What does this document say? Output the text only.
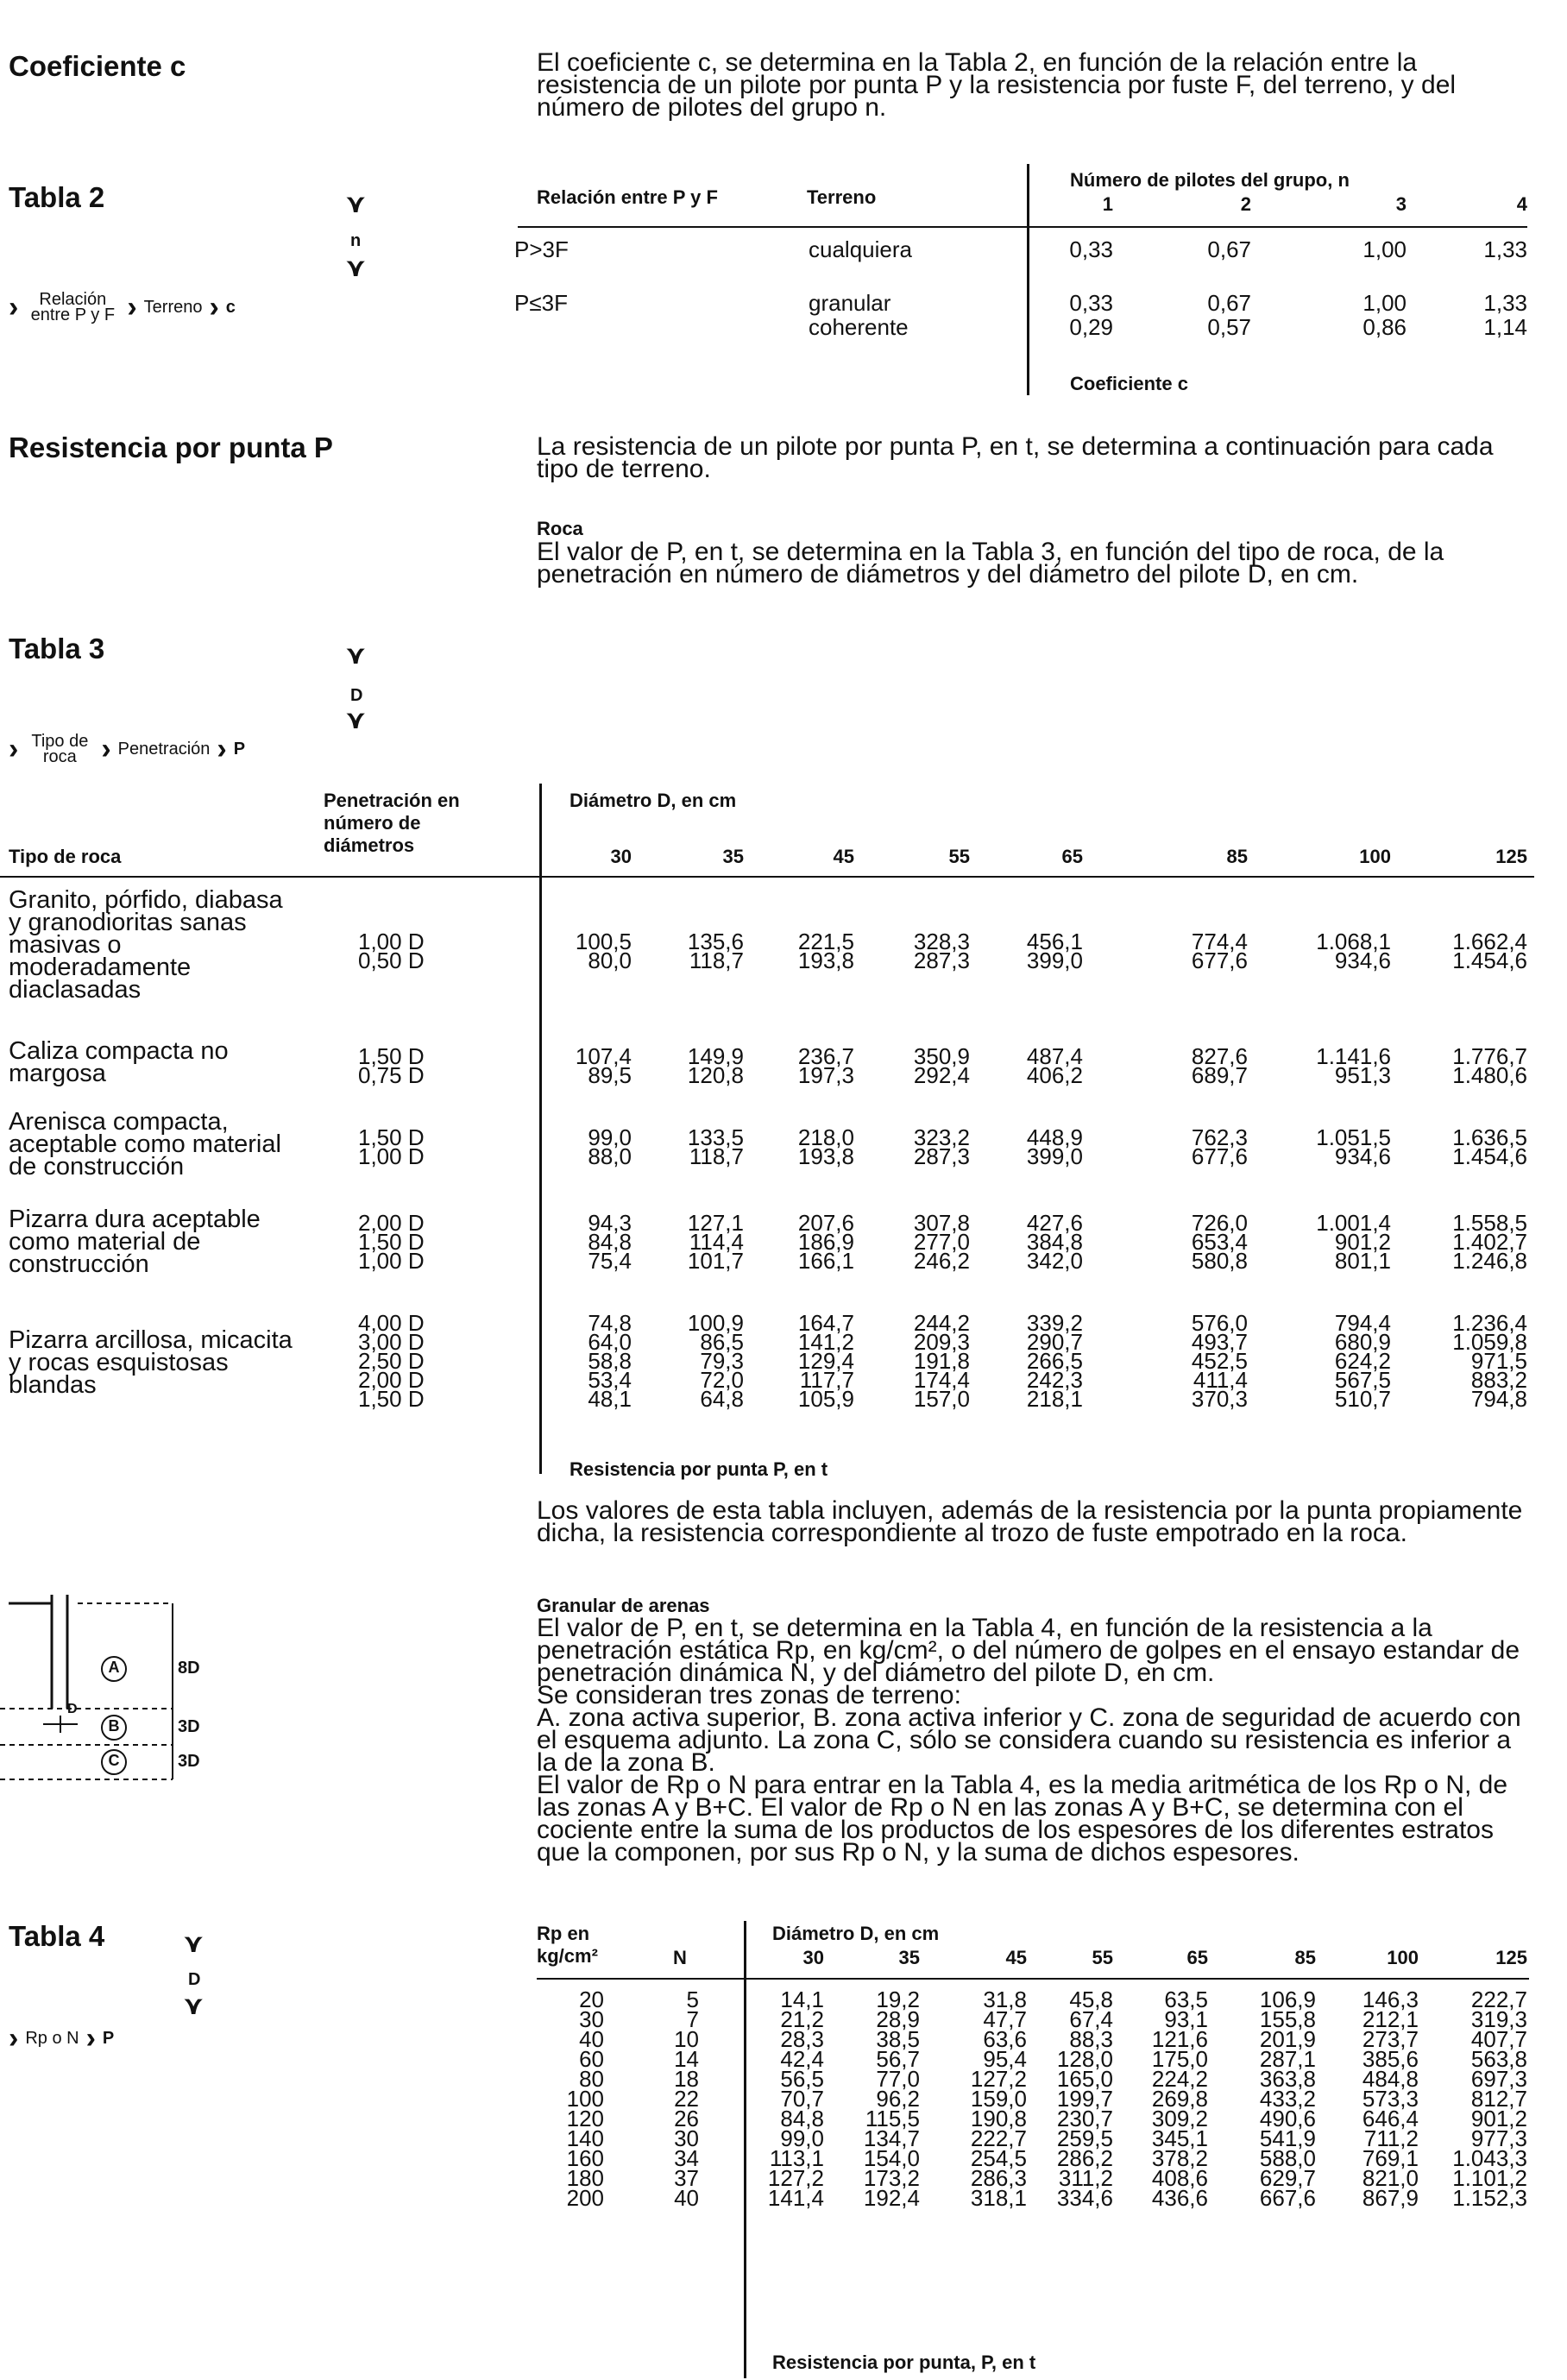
Coeficiente c	El coeficiente c, se determina en la Tabla 2, en función de la relación entre la resistencia de un pilote por punta P y la resistencia por fuste F, del terreno, y del número de pilotes del grupo n.
Tabla 2	⋎
n
⋎
›	Relación entre P y F › Terreno › c
Relación entre P y F	Terreno
Número de pilotes del grupo, n
1	2	3	4
P>3F	cualquiera	0,33	0,67	1,00	1,33
P≤3F	granular	0,33	0,67	1,00	1,33
coherente	0,29	0,57	0,86	1,14
Coeficiente c
Resistencia por punta P	La resistencia de un pilote por punta P, en t, se determina a continuación para cada tipo de terreno.
Roca
El valor de P, en t, se determina en la Tabla 3, en función del tipo de roca, de la penetración en número de diámetros y del diámetro del pilote D, en cm.
Tabla 3	⋎
D
⋎
› Tipo de roca › Penetración › P
Tipo de roca
Penetración en número de diámetros
Diámetro D, en cm
30	35	45	55	65	85	100	125
Granito, pórfido, diabasa y granodioritas sanas masivas o moderadamente diaclasadas
1,00 D	100,5	135,6	221,5	328,3	456,1	774,4	1.068,1	1.662,4
0,50 D	80,0	118,7	193,8	287,3	399,0	677,6	934,6	1.454,6
Caliza compacta no margosa
1,50 D	107,4	149,9	236,7	350,9	487,4	827,6	1.141,6	1.776,7
0,75 D	89,5	120,8	197,3	292,4	406,2	689,7	951,3	1.480,6
Arenisca compacta, aceptable como material de construcción
1,50 D	99,0	133,5	218,0	323,2	448,9	762,3	1.051,5	1.636,5
1,00 D	88,0	118,7	193,8	287,3	399,0	677,6	934,6	1.454,6
Pizarra dura aceptable como material de construcción
2,00 D	94,3	127,1	207,6	307,8	427,6	726,0	1.001,4	1.558,5
1,50 D	84,8	114,4	186,9	277,0	384,8	653,4	901,2	1.402,7
1,00 D	75,4	101,7	166,1	246,2	342,0	580,8	801,1	1.246,8
Pizarra arcillosa, micacita y rocas esquistosas blandas
4,00 D	74,8	100,9	164,7	244,2	339,2	576,0	794,4	1.236,4
3,00 D	64,0	86,5	141,2	209,3	290,7	493,7	680,9	1.059,8
2,50 D	58,8	79,3	129,4	191,8	266,5	452,5	624,2	971,5
2,00 D	53,4	72,0	117,7	174,4	242,3	411,4	567,5	883,2
1,50 D	48,1	64,8	105,9	157,0	218,1	370,3	510,7	794,8
Resistencia por punta P, en t
Los valores de esta tabla incluyen, además de la resistencia por la punta propiamente dicha, la resistencia correspondiente al trozo de fuste empotrado en la roca.
Granular de arenas

El valor de P, en t, se determina en la Tabla 4, en función de la resistencia a la penetración estática Rp, en kg/cm², o del número de golpes en el ensayo estandar de penetración dinámica N, y del diámetro del pilote D, en cm.

Se consideran tres zonas de terreno:

A. zona activa superior, B. zona activa inferior y C. zona de seguridad de acuerdo con el esquema adjunto. La zona C, sólo se considera cuando su resistencia es inferior a la de la zona B.

El valor de Rp o N para entrar en la Tabla 4, es la media aritmética de los Rp o N, de las zonas A y B+C. El valor de Rp o N en las zonas A y B+C, se determina con el cociente entre la suma de los productos de los espesores de los diferentes estratos que la componen, por sus Rp o N, y la suma de dichos espesores.

A
B
C
D
8D
3D
3D
Tabla 4	⋎
D
⋎
› Rp o N › P
Rp en kg/cm²	N
Diámetro D, en cm
30	35	45	55	65	85	100	125
20	5	14,1	19,2	31,8	45,8	63,5	106,9	146,3	222,7
30	7	21,2	28,9	47,7	67,4	93,1	155,8	212,1	319,3
40	10	28,3	38,5	63,6	88,3	121,6	201,9	273,7	407,7
60	14	42,4	56,7	95,4	128,0	175,0	287,1	385,6	563,8
80	18	56,5	77,0	127,2	165,0	224,2	363,8	484,8	697,3
100	22	70,7	96,2	159,0	199,7	269,8	433,2	573,3	812,7
120	26	84,8	115,5	190,8	230,7	309,2	490,6	646,4	901,2
140	30	99,0	134,7	222,7	259,5	345,1	541,9	711,2	977,3
160	34	113,1	154,0	254,5	286,2	378,2	588,0	769,1	1.043,3
180	37	127,2	173,2	286,3	311,2	408,6	629,7	821,0	1.101,2
200	40	141,4	192,4	318,1	334,6	436,6	667,6	867,9	1.152,3
Resistencia por punta, P, en t
